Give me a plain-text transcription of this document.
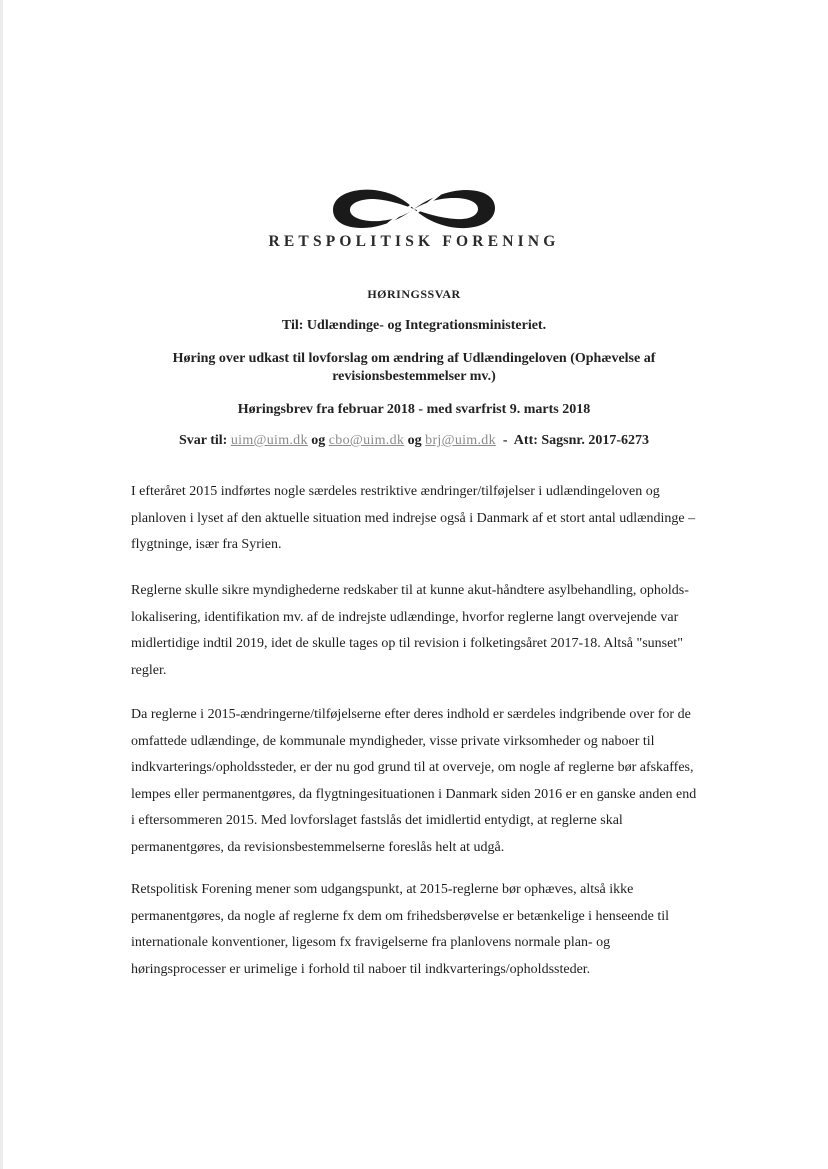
RETSPOLITISK FORENING
HØRINGSSVAR
Til: Udlændinge- og Integrationsministeriet.
Høring over udkast til lovforslag om ændring af Udlændingeloven (Ophævelse af
revisionsbestemmelser mv.)
Høringsbrev fra februar 2018 - med svarfrist 9. marts 2018
Svar til: uim@uim.dk og cbo@uim.dk og brj@uim.dk  -  Att: Sagsnr. 2017-6273
I efteråret 2015 indførtes nogle særdeles restriktive ændringer/tilføjelser i udlændingeloven og planloven i lyset af den aktuelle situation med indrejse også i Danmark af et stort antal udlændinge – flygtninge, især fra Syrien.
Reglerne skulle sikre myndighederne redskaber til at kunne akut-håndtere asylbehandling, opholds-lokalisering, identifikation mv. af de indrejste udlændinge, hvorfor reglerne langt overvejende var midlertidige indtil 2019, idet de skulle tages op til revision i folketingsåret 2017-18. Altså "sunset" regler.
Da reglerne i 2015-ændringerne/tilføjelserne efter deres indhold er særdeles indgribende over for de omfattede udlændinge, de kommunale myndigheder, visse private virksomheder og naboer til indkvarterings/opholdssteder, er der nu god grund til at overveje, om nogle af reglerne bør afskaffes, lempes eller permanentgøres, da flygtningesituationen i Danmark siden 2016 er en ganske anden end i eftersommeren 2015. Med lovforslaget fastslås det imidlertid entydigt, at reglerne skal permanentgøres, da revisionsbestemmelserne foreslås helt at udgå.
Retspolitisk Forening mener som udgangspunkt, at 2015-reglerne bør ophæves, altså ikke permanentgøres, da nogle af reglerne fx dem om frihedsberøvelse er betænkelige i henseende til internationale konventioner, ligesom fx fravigelserne fra planlovens normale plan- og høringsprocesser er urimelige i forhold til naboer til indkvarterings/opholdssteder.
